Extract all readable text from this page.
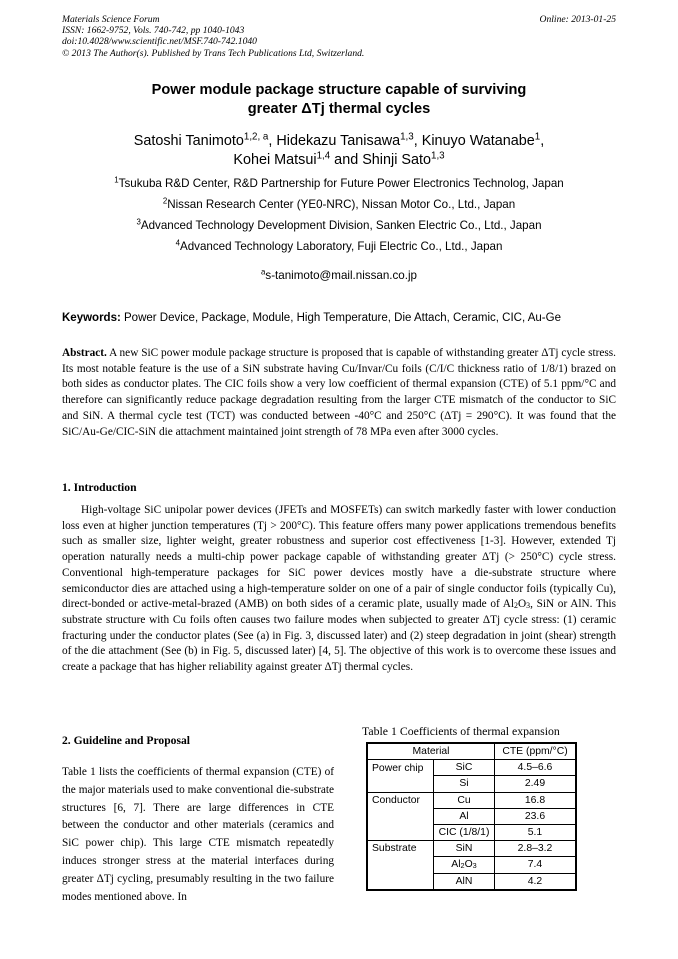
Materials Science Forum
ISSN: 1662-9752, Vols. 740-742, pp 1040-1043
doi:10.4028/www.scientific.net/MSF.740-742.1040
© 2013 The Author(s). Published by Trans Tech Publications Ltd, Switzerland.
Online: 2013-01-25
Power module package structure capable of surviving
greater ΔTj thermal cycles
Satoshi Tanimoto$^{1,2, a}$, Hidekazu Tanisawa$^{1,3}$, Kinuyo Watanabe$^1$,
Kohei Matsui$^{1,4}$ and Shinji Sato$^{1,3}$
$^1$Tsukuba R&D Center, R&D Partnership for Future Power Electronics Technolog, Japan
$^2$Nissan Research Center (YE0-NRC), Nissan Motor Co., Ltd., Japan
$^3$Advanced Technology Development Division, Sanken Electric Co., Ltd., Japan
$^4$Advanced Technology Laboratory, Fuji Electric Co., Ltd., Japan
$^a$s-tanimoto@mail.nissan.co.jp
Keywords: Power Device, Package, Module, High Temperature, Die Attach, Ceramic, CIC, Au-Ge
Abstract. A new SiC power module package structure is proposed that is capable of withstanding greater ΔTj cycle stress. Its most notable feature is the use of a SiN substrate having Cu/Invar/Cu foils (C/I/C thickness ratio of 1/8/1) brazed on both sides as conductor plates. The CIC foils show a very low coefficient of thermal expansion (CTE) of 5.1 ppm/°C and therefore can significantly reduce package degradation resulting from the larger CTE mismatch of the conductor to SiC and SiN. A thermal cycle test (TCT) was conducted between -40°C and 250°C (ΔTj = 290°C). It was found that the SiC/Au-Ge/CIC-SiN die attachment maintained joint strength of 78 MPa even after 3000 cycles.
1. Introduction
High-voltage SiC unipolar power devices (JFETs and MOSFETs) can switch markedly faster with lower conduction loss even at higher junction temperatures (Tj > 200°C). This feature offers many power applications tremendous benefits such as smaller size, lighter weight, greater robustness and superior cost effectiveness [1-3]. However, extended Tj operation naturally needs a multi-chip power package capable of withstanding greater ΔTj (> 250°C) cycle stress. Conventional high-temperature packages for SiC power devices mostly have a die-substrate structure where semiconductor dies are attached using a high-temperature solder on one of a pair of single conductor foils (typically Cu), direct-bonded or active-metal-brazed (AMB) on both sides of a ceramic plate, usually made of $Al_2O_3$, SiN or AlN. This substrate structure with Cu foils often causes two failure modes when subjected to greater ΔTj cycle stress: (1) ceramic fracturing under the conductor plates (See (a) in Fig. 3, discussed later) and (2) steep degradation in joint (shear) strength of the die attachment (See (b) in Fig. 5, discussed later) [4, 5]. The objective of this work is to overcome these issues and create a package that has higher reliability against greater ΔTj thermal cycles.
2. Guideline and Proposal
Table 1 lists the coefficients of thermal expansion (CTE) of the major materials used to make conventional die-substrate structures [6, 7]. There are large differences in CTE between the conductor and other materials (ceramics and SiC power chip). This large CTE mismatch repeatedly induces stronger stress at the material interfaces during greater ΔTj cycling, presumably resulting in the two failure modes mentioned above. In
Table 1 Coefficients of thermal expansion
Material		CTE (ppm/°C)
Power chip	SiC	4.5–6.6
	Si	2.49
Conductor	Cu	16.8
	Al	23.6
	CIC (1/8/1)	5.1
Substrate	SiN	2.8–3.2
	$Al_2O_3$	7.4
	AlN	4.2
